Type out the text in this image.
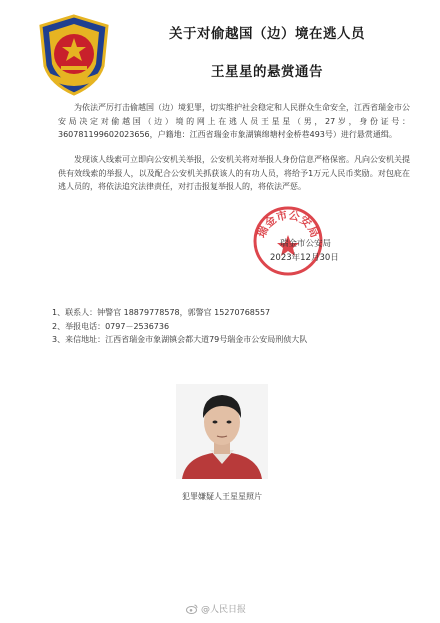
关于对偷越国（边）境在逃人员
王星星的悬赏通告
为依法严厉打击偷越国（边）境犯罪，切实维护社会稳定和人民群众生命安全，江西省瑞金市公安局决定对偷越国（边）境的网上在逃人员王星星（男，27岁，身份证号：360781199602023656，户籍地：江西省瑞金市象湖镇绵塘村金桥巷493号）进行悬赏通缉。
发现该人线索可立即向公安机关举报，公安机关将对举报人身份信息严格保密。凡向公安机关提供有效线索的举报人，以及配合公安机关抓获该人的有功人员，将给予1万元人民币奖励。对包庇在逃人员的，将依法追究法律责任，对打击报复举报人的，将依法严惩。
瑞金市公安局
瑞金市公安局
2023年12月30日
1、联系人：钟警官 18879778578，郭警官 15270768557
2、举报电话：0797－2536736
3、来信地址：江西省瑞金市象湖镇会都大道79号瑞金市公安局刑侦大队
犯罪嫌疑人王星星照片
@人民日报
